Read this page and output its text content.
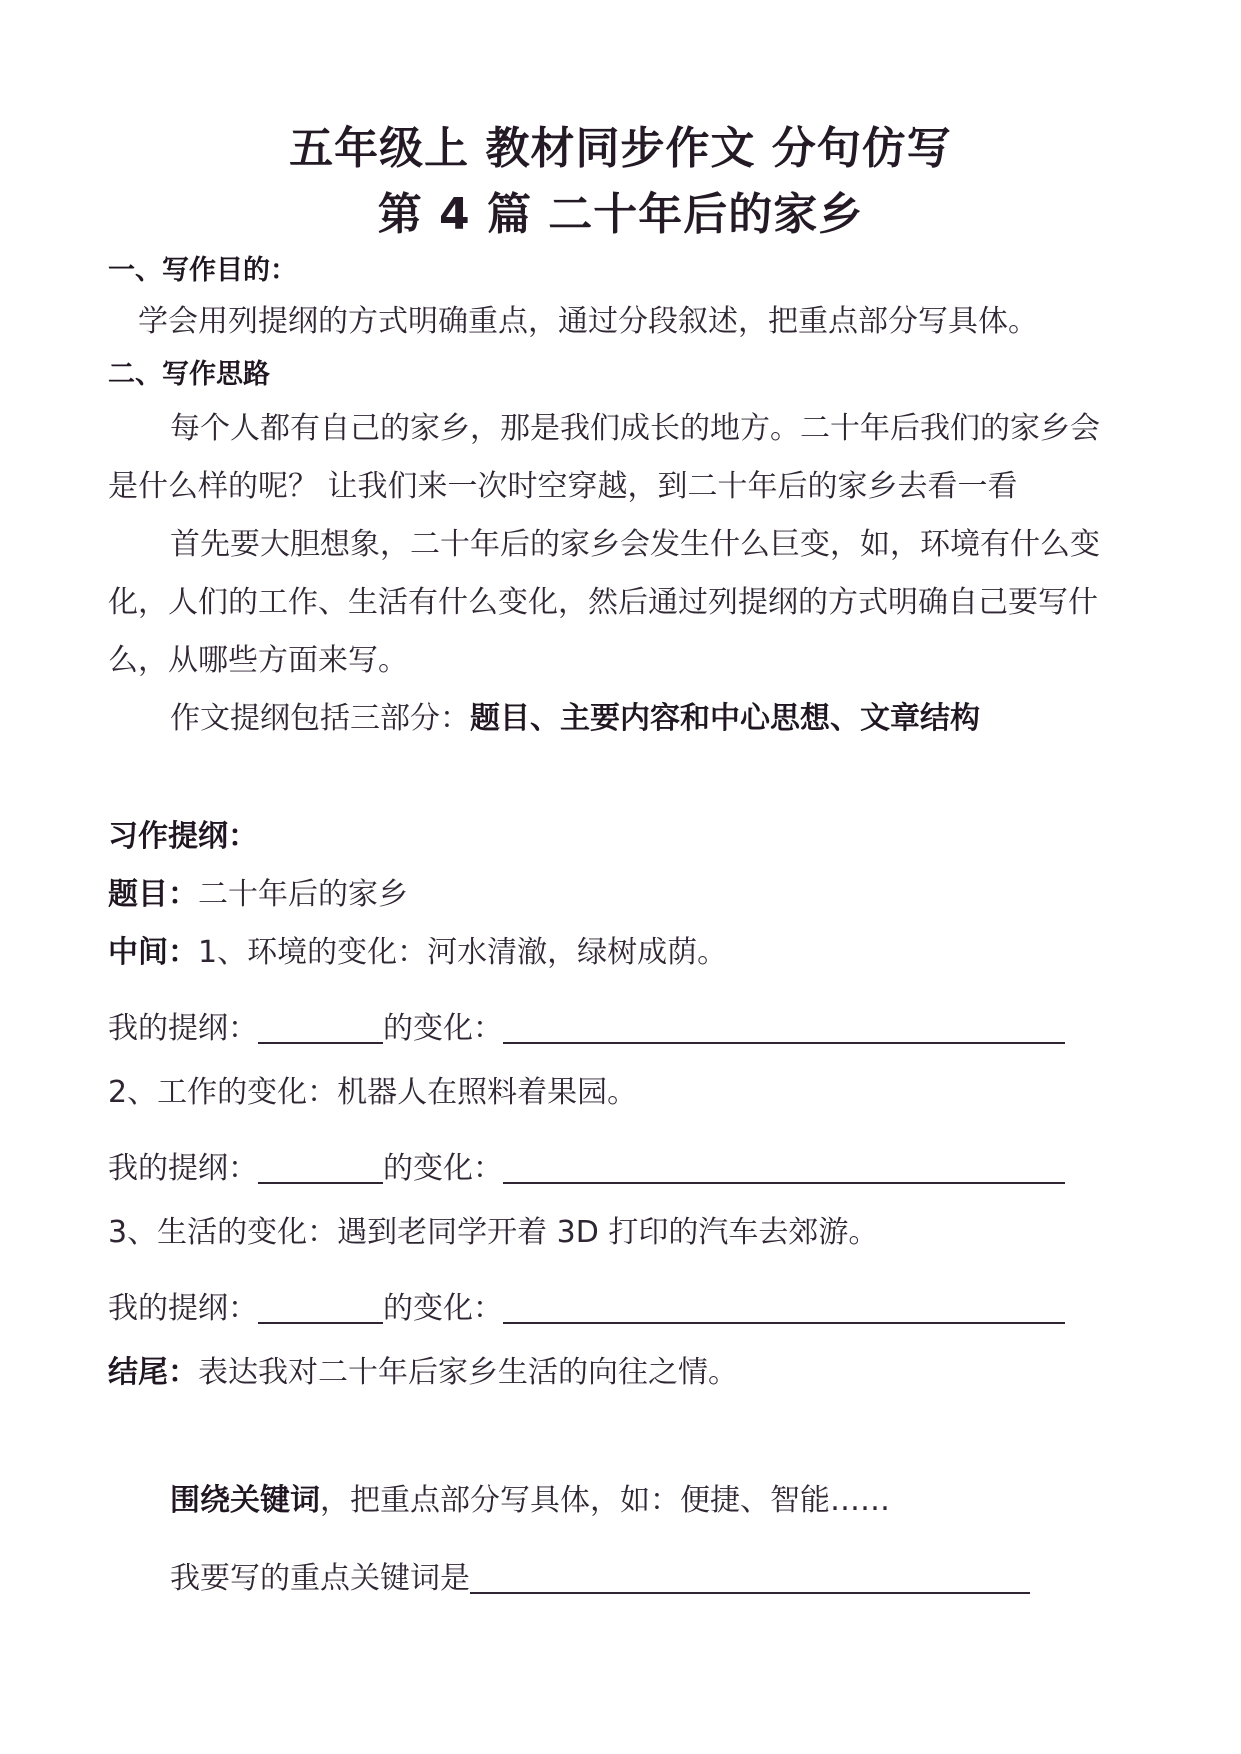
五年级上 教材同步作文 分句仿写
第 4 篇 二十年后的家乡
一、写作目的：
学会用列提纲的方式明确重点，通过分段叙述，把重点部分写具体。
二、写作思路
每个人都有自己的家乡，那是我们成长的地方。二十年后我们的家乡会
是什么样的呢？ 让我们来一次时空穿越，到二十年后的家乡去看一看
首先要大胆想象，二十年后的家乡会发生什么巨变，如，环境有什么变
化，人们的工作、生活有什么变化，然后通过列提纲的方式明确自己要写什
么，从哪些方面来写。
作文提纲包括三部分：题目、主要内容和中心思想、文章结构
习作提纲：
题目：二十年后的家乡
中间：1、环境的变化：河水清澈，绿树成荫。
我的提纲：	的变化：
2、工作的变化：机器人在照料着果园。
我的提纲：	的变化：
3、生活的变化：遇到老同学开着 3D 打印的汽车去郊游。
我的提纲：	的变化：
结尾：表达我对二十年后家乡生活的向往之情。
围绕关键词，把重点部分写具体，如：便捷、智能……
我要写的重点关键词是
